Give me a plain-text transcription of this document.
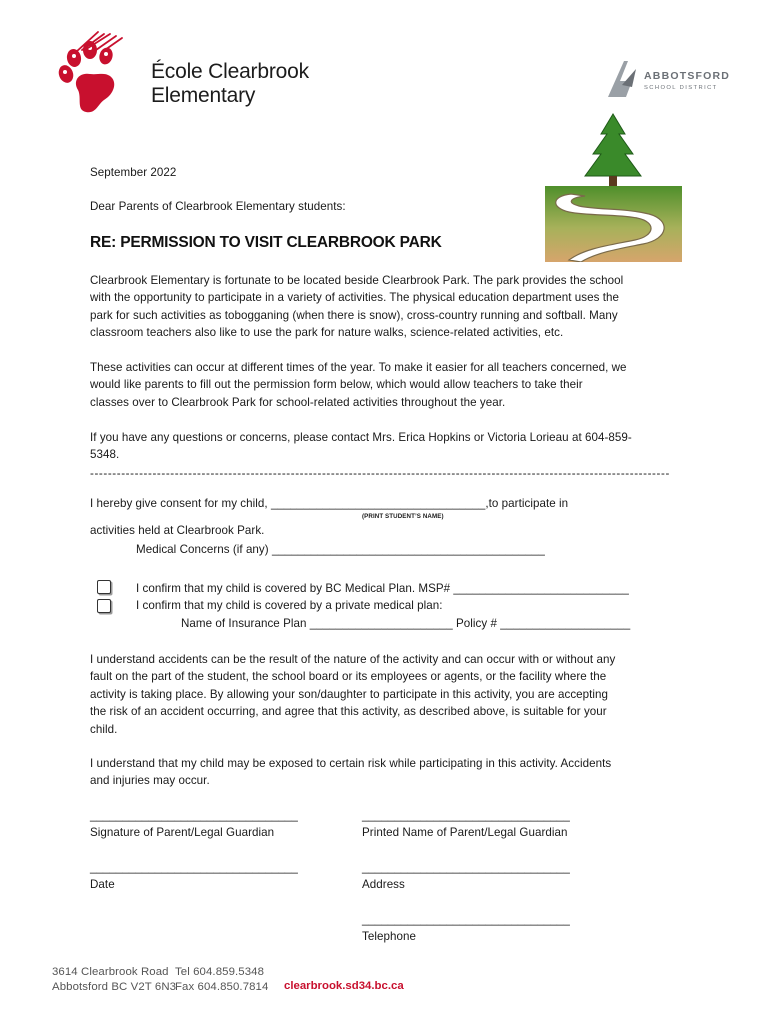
École Clearbrook
Elementary
ABBOTSFORD
SCHOOL DISTRICT
September 2022
Dear Parents of Clearbrook Elementary students:
RE: PERMISSION TO VISIT CLEARBROOK PARK
Clearbrook Elementary is fortunate to be located beside Clearbrook Park. The park provides the school
with the opportunity to participate in a variety of activities. The physical education department uses the
park for such activities as tobogganing (when there is snow), cross-country running and softball. Many
classroom teachers also like to use the park for nature walks, science-related activities, etc.
These activities can occur at different times of the year. To make it easier for all teachers concerned, we
would like parents to fill out the permission form below, which would allow teachers to take their
classes over to Clearbrook Park for school-related activities throughout the year.
If you have any questions or concerns, please contact Mrs. Erica Hopkins or Victoria Lorieau at 604-859-
5348.
----------------------------------------------------------------------------------------------------------------------------------
I hereby give consent for my child, _________________________________,to participate in
(PRINT STUDENT’S NAME)
activities held at Clearbrook Park.
Medical Concerns (if any) __________________________________________
I confirm that my child is covered by BC Medical Plan. MSP# ___________________________
I confirm that my child is covered by a private medical plan:
Name of Insurance Plan ______________________ Policy # ____________________
I understand accidents can be the result of the nature of the activity and can occur with or without any
fault on the part of the student, the school board or its employees or agents, or the facility where the
activity is taking place. By allowing your son/daughter to participate in this activity, you are accepting
the risk of an accident occurring, and agree that this activity, as described above, is suitable for your
child.
I understand that my child may be exposed to certain risk while participating in this activity. Accidents
and injuries may occur.
________________________________
Signature of Parent/Legal Guardian
________________________________
Printed Name of Parent/Legal Guardian
________________________________
Date
________________________________
Address
________________________________
Telephone
3614 Clearbrook Road
Abbotsford BC V2T 6N3
Tel 604.859.5348
Fax 604.850.7814 clearbrook.sd34.bc.ca
